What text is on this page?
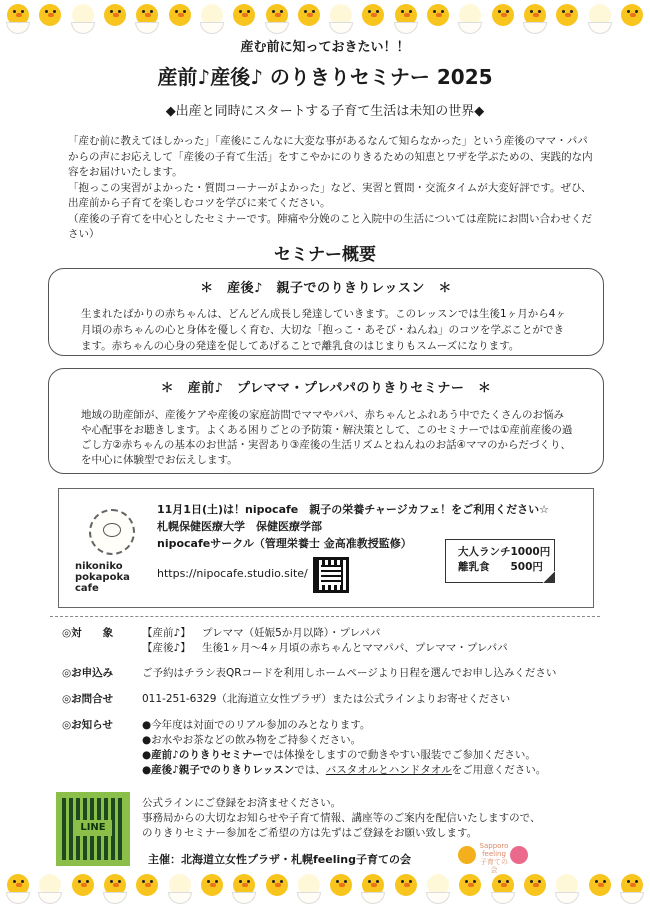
産む前に知っておきたい！！
産前♪産後♪ のりきりセミナー 2025
◆出産と同時にスタートする子育て生活は未知の世界◆

「産む前に教えてほしかった」「産後にこんなに大変な事があるなんて知らなかった」という産後のママ・パパからの声にお応えして「産後の子育て生活」をすこやかにのりきるための知恵とワザを学ぶための、実践的な内容をお届けいたします。

「抱っこの実習がよかった・質問コーナーがよかった」など、実習と質問・交流タイムが大変好評です。ぜひ、出産前から子育てを楽しむコツを学びに来てください。

（産後の子育てを中心としたセミナーです。陣痛や分娩のこと入院中の生活については産院にお問い合わせください）

セミナー概要
＊　産後♪　親子でのりきりレッスン　＊
生まれたばかりの赤ちゃんは、どんどん成長し発達していきます。このレッスンでは生後1ヶ月から4ヶ月頃の赤ちゃんの心と身体を優しく育む、大切な「抱っこ・あそび・ねんね」のコツを学ぶことができます。赤ちゃんの心身の発達を促してあげることで離乳食のはじまりもスムーズになります。
＊　産前♪　プレママ・プレパパのりきりセミナー　＊
地域の助産師が、産後ケアや産後の家庭訪問でママやパパ、赤ちゃんとふれあう中でたくさんのお悩みや心配事をお聴きします。よくある困りごとの予防策・解決策として、このセミナーでは①産前産後の過ごし方②赤ちゃんの基本のお世話・実習あり③産後の生活リズムとねんねのお話④ママのからだづくり、を中心に体験型でお伝えします。
nikoniko pokapoka cafe
11月1日(土)は！nipocafe　親子の栄養チャージカフェ！をご利用ください☆
札幌保健医療大学　保健医療学部
nipocafeサークル（管理栄養士 金高准教授監修）
https://nipocafe.studio.site/
大人ランチ1000円
離乳食　　500円
◎対　　象	【産前♪】 プレママ（妊娠5か月以降）・プレパパ
【産後♪】 生後1ヶ月〜4ヶ月頃の赤ちゃんとママパパ、プレママ・プレパパ
◎お申込み	ご予約はチラシ表QRコードを利用しホームページより日程を選んでお申し込みください
◎お問合せ	011-251-6329（北海道立女性プラザ）または公式ラインよりお寄せください
◎お知らせ	●今年度は対面でのリアル参加のみとなります。
●お水やお茶などの飲み物をご持参ください。
●産前♪のりきりセミナーでは体操をしますので動きやすい服装でご参加ください。
●産後♪親子でのりきりレッスンでは、バスタオルとハンドタオルをご用意ください。
LINE
公式ラインにご登録をお済ませください。
事務局からの大切なお知らせや子育て情報、講座等のご案内を配信いたしますので、
のりきりセミナー参加をご希望の方は先ずはご登録をお願い致します。
主催：北海道立女性プラザ・札幌feeling子育ての会
Sapporo feeling 子育ての会
